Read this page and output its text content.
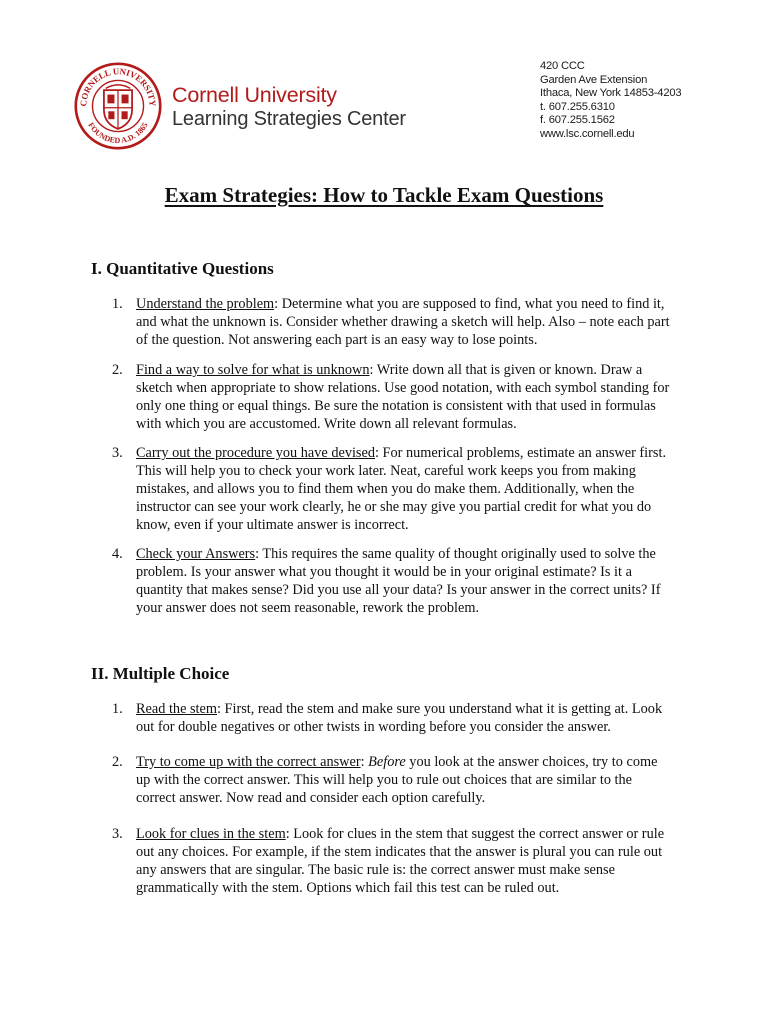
CORNELL UNIVERSITY
FOUNDED A.D. 1865
Cornell University
Learning Strategies Center
420 CCC
Garden Ave Extension
Ithaca, New York 14853-4203
t. 607.255.6310
f. 607.255.1562
www.lsc.cornell.edu
Exam Strategies: How to Tackle Exam Questions
I. Quantitative Questions
1. Understand the problem: Determine what you are supposed to find, what you need to find it, and what the unknown is. Consider whether drawing a sketch will help. Also – note each part of the question. Not answering each part is an easy way to lose points.
2. Find a way to solve for what is unknown: Write down all that is given or known. Draw a sketch when appropriate to show relations. Use good notation, with each symbol standing for only one thing or equal things. Be sure the notation is consistent with that used in formulas with which you are accustomed. Write down all relevant formulas.
3. Carry out the procedure you have devised: For numerical problems, estimate an answer first. This will help you to check your work later. Neat, careful work keeps you from making mistakes, and allows you to find them when you do make them. Additionally, when the instructor can see your work clearly, he or she may give you partial credit for what you do know, even if your ultimate answer is incorrect.
4. Check your Answers: This requires the same quality of thought originally used to solve the problem. Is your answer what you thought it would be in your original estimate? Is it a quantity that makes sense? Did you use all your data? Is your answer in the correct units? If your answer does not seem reasonable, rework the problem.
II. Multiple Choice
1. Read the stem: First, read the stem and make sure you understand what it is getting at. Look out for double negatives or other twists in wording before you consider the answer.
2. Try to come up with the correct answer: Before you look at the answer choices, try to come up with the correct answer. This will help you to rule out choices that are similar to the correct answer. Now read and consider each option carefully.
3. Look for clues in the stem: Look for clues in the stem that suggest the correct answer or rule out any choices. For example, if the stem indicates that the answer is plural you can rule out any answers that are singular. The basic rule is: the correct answer must make sense grammatically with the stem. Options which fail this test can be ruled out.
